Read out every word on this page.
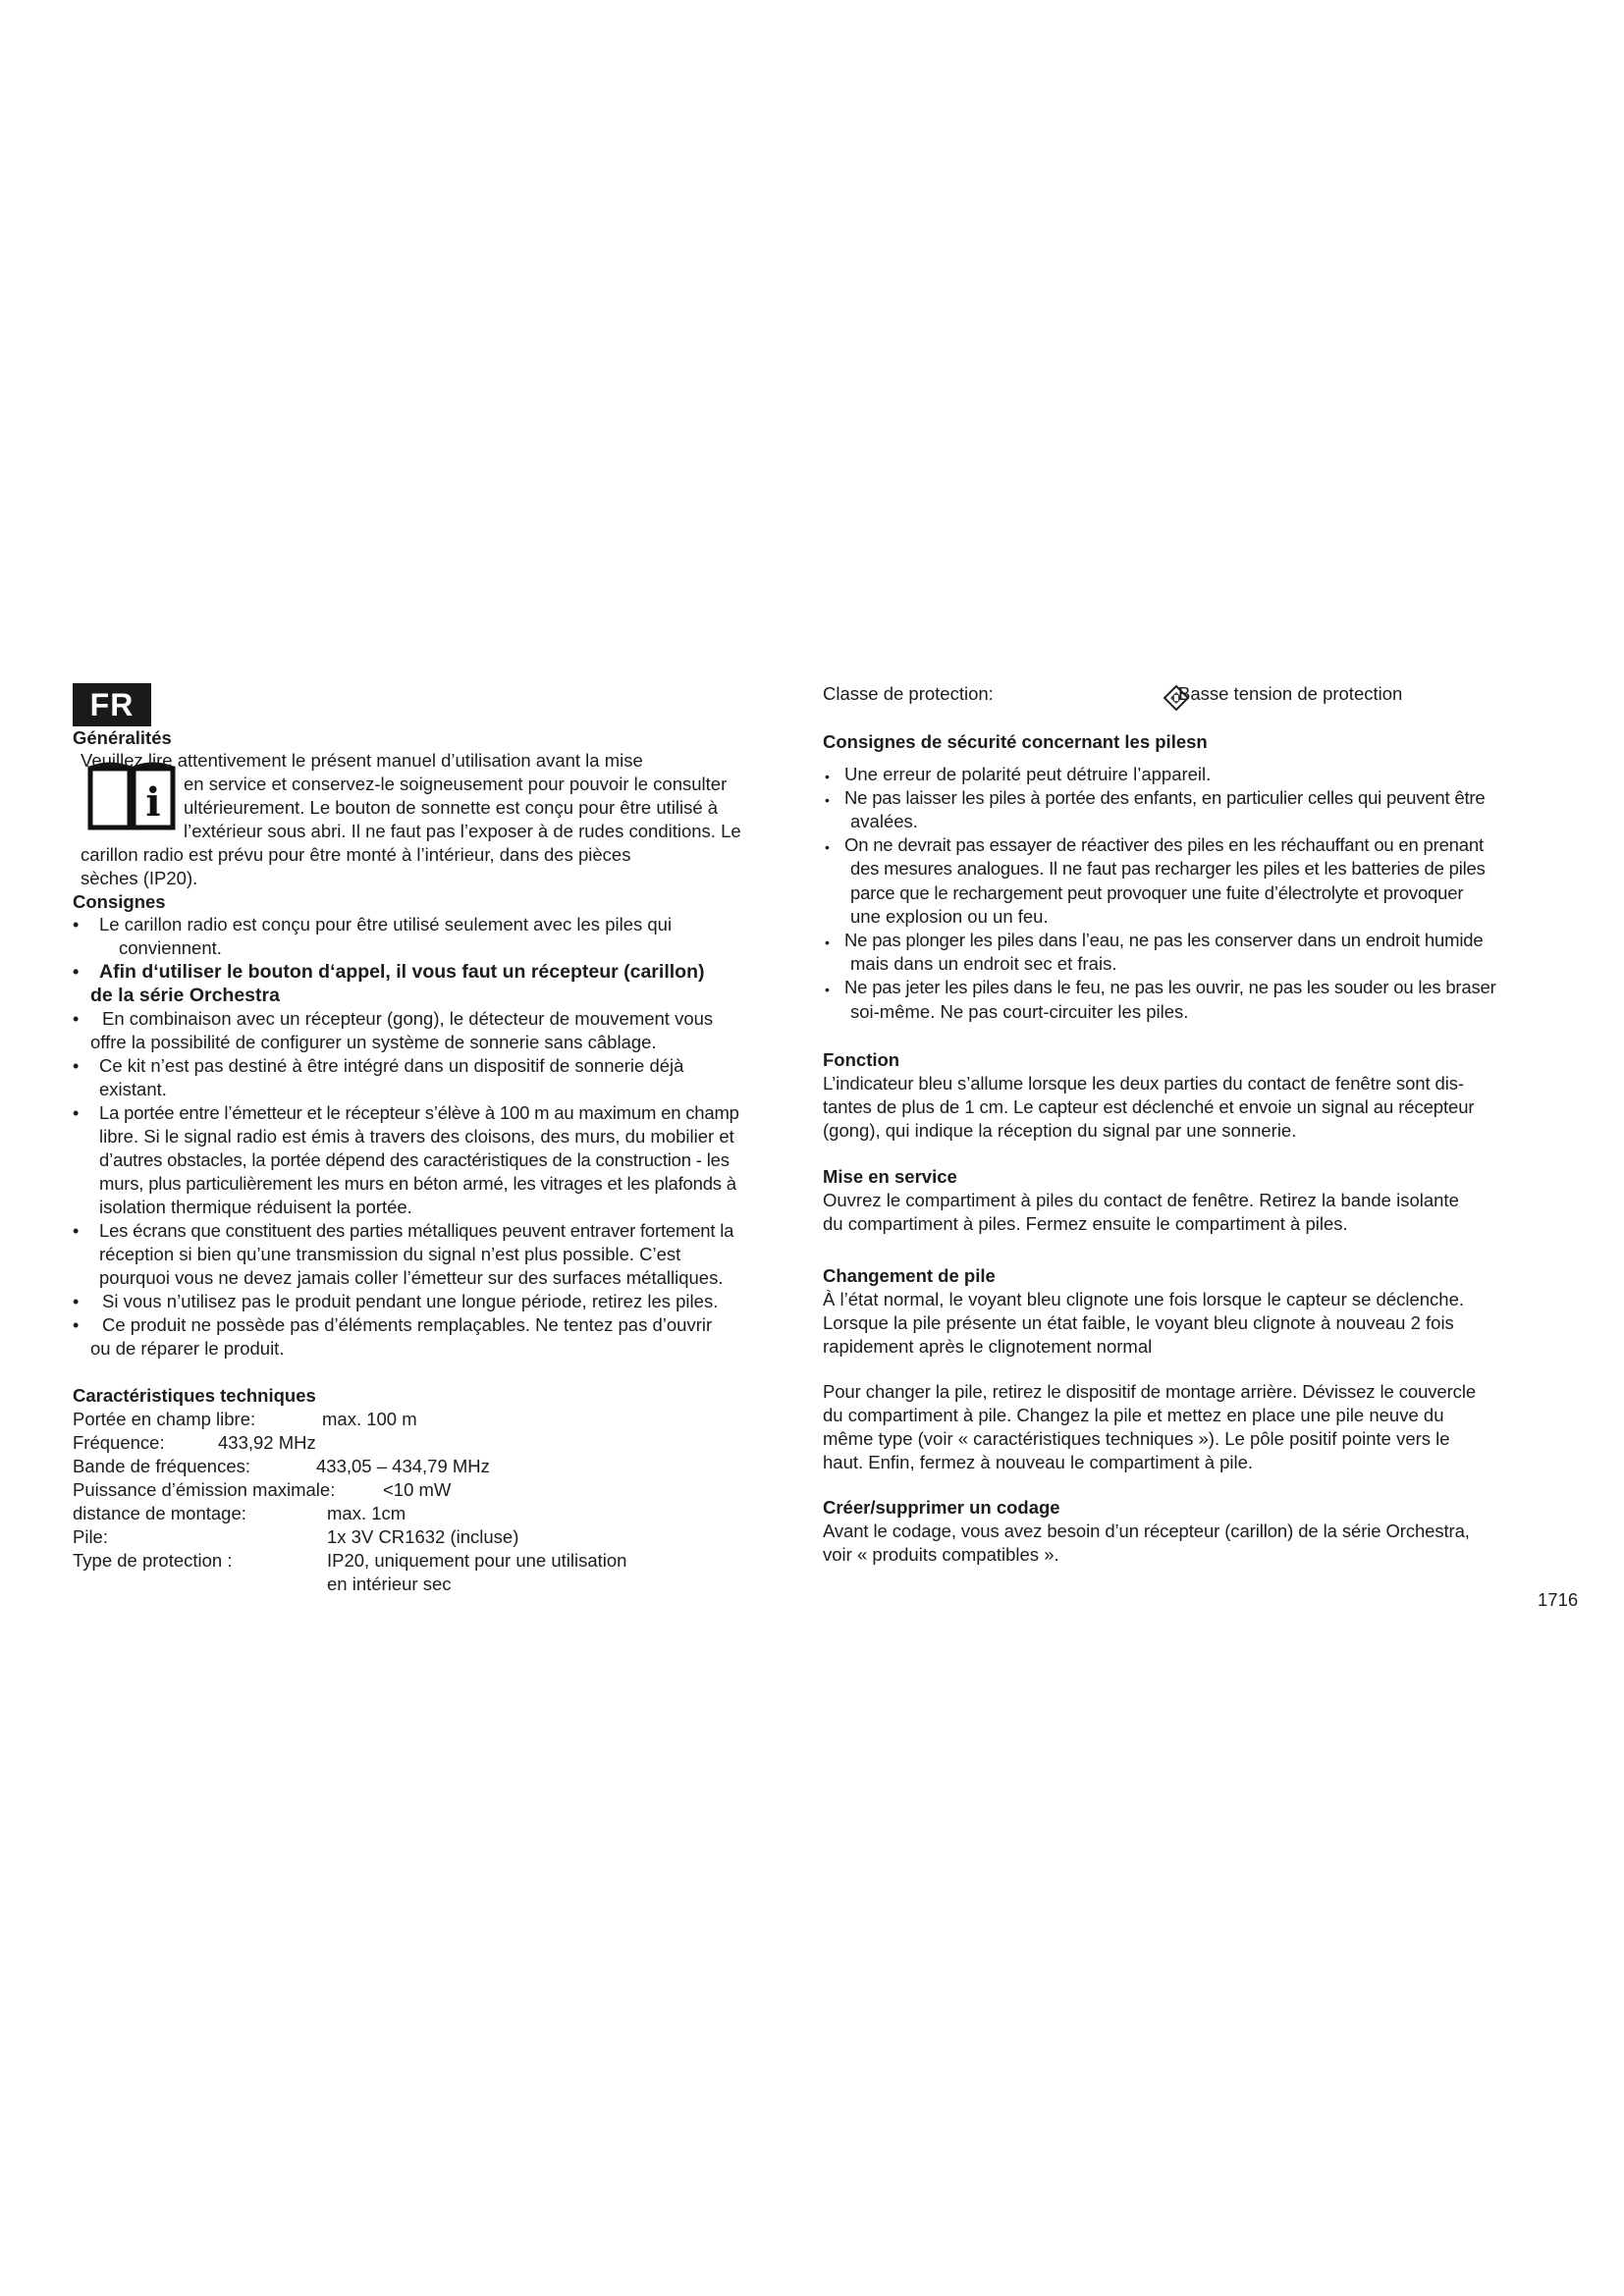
FR
i
Généralités
Veuillez lire attentivement le présent manuel d’utilisation avant la mise
en service et conservez-le soigneusement pour pouvoir le consulter
ultérieurement. Le bouton de sonnette est conçu pour être utilisé à
l’extérieur sous abri. Il ne faut pas l’exposer à de rudes conditions. Le
carillon radio est prévu pour être monté à l’intérieur, dans des pièces
sèches (IP20).
Consignes
• Le carillon radio est conçu pour être utilisé seulement avec les piles qui
conviennent.
• Afin d‘utiliser le bouton d‘appel, il vous faut un récepteur (carillon)
de la série Orchestra
• En combinaison avec un récepteur (gong), le détecteur de mouvement vous
offre la possibilité de configurer un système de sonnerie sans câblage.
• Ce kit n’est pas destiné à être intégré dans un dispositif de sonnerie déjà
existant.
• La portée entre l’émetteur et le récepteur s’élève à 100 m au maximum en champ
libre. Si le signal radio est émis à travers des cloisons, des murs, du mobilier et
d’autres obstacles, la portée dépend des caractéristiques de la construction - les
murs, plus particulièrement les murs en béton armé, les vitrages et les plafonds à
isolation thermique réduisent la portée.
• Les écrans que constituent des parties métalliques peuvent entraver fortement la
réception si bien qu’une transmission du signal n’est plus possible. C’est
pourquoi vous ne devez jamais coller l’émetteur sur des surfaces métalliques.
• Si vous n’utilisez pas le produit pendant une longue période, retirez les piles.
• Ce produit ne possède pas d’éléments remplaçables. Ne tentez pas d’ouvrir
ou de réparer le produit.
Caractéristiques techniques
Portée en champ libre:	max. 100 m
Fréquence:	433,92 MHz
Bande de fréquences:	433,05 – 434,79 MHz
Puissance d’émission maximale:	<10 mW
distance de montage:	max. 1cm
Pile:	1x 3V CR1632 (incluse)
Type de protection :	IP20, uniquement pour une utilisation
en intérieur sec
Classe de protection:	Basse tension de protection
Consignes de sécurité concernant les pilesn
• Une erreur de polarité peut détruire l’appareil.
• Ne pas laisser les piles à portée des enfants, en particulier celles qui peuvent être
avalées.
• On ne devrait pas essayer de réactiver des piles en les réchauffant ou en prenant
des mesures analogues. Il ne faut pas recharger les piles et les batteries de piles
parce que le rechargement peut provoquer une fuite d’électrolyte et provoquer
une explosion ou un feu.
• Ne pas plonger les piles dans l’eau, ne pas les conserver dans un endroit humide
mais dans un endroit sec et frais.
• Ne pas jeter les piles dans le feu, ne pas les ouvrir, ne pas les souder ou les braser
soi-même. Ne pas court-circuiter les piles.
Fonction
L’indicateur bleu s’allume lorsque les deux parties du contact de fenêtre sont dis-
tantes de plus de 1 cm. Le capteur est déclenché et envoie un signal au récepteur
(gong), qui indique la réception du signal par une sonnerie.
Mise en service
Ouvrez le compartiment à piles du contact de fenêtre. Retirez la bande isolante
du compartiment à piles. Fermez ensuite le compartiment à piles.
Changement de pile
À l’état normal, le voyant bleu clignote une fois lorsque le capteur se déclenche.
Lorsque la pile présente un état faible, le voyant bleu clignote à nouveau 2 fois
rapidement après le clignotement normal
Pour changer la pile, retirez le dispositif de montage arrière. Dévissez le couvercle
du compartiment à pile. Changez la pile et mettez en place une pile neuve du
même type (voir « caractéristiques techniques »). Le pôle positif pointe vers le
haut. Enfin, fermez à nouveau le compartiment à pile.
Créer/supprimer un codage
Avant le codage, vous avez besoin d’un récepteur (carillon) de la série Orchestra,
voir « produits compatibles ».
1716
